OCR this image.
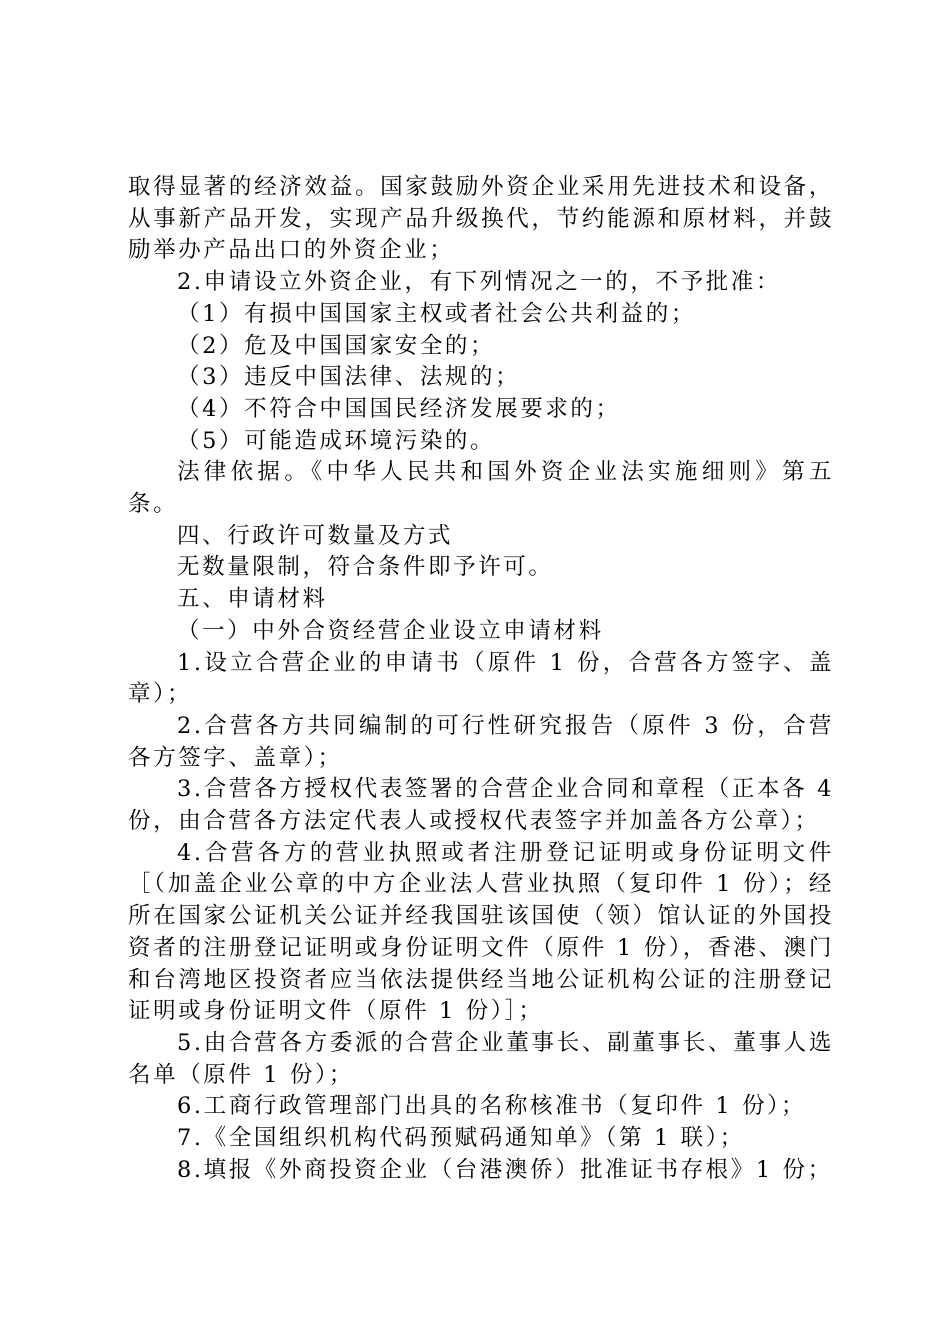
取得显著的经济效益。国家鼓励外资企业采用先进技术和设备，从事新产品开发，实现产品升级换代，节约能源和原材料，并鼓励举办产品出口的外资企业；

2.申请设立外资企业，有下列情况之一的，不予批准：

（1）有损中国国家主权或者社会公共利益的；

（2）危及中国国家安全的；

（3）违反中国法律、法规的；

（4）不符合中国国民经济发展要求的；

（5）可能造成环境污染的。

法律依据。《中华人民共和国外资企业法实施细则》第五条。

四、行政许可数量及方式

无数量限制，符合条件即予许可。

五、申请材料

（一）中外合资经营企业设立申请材料

1.设立合营企业的申请书（原件 1 份，合营各方签字、盖章）；

2.合营各方共同编制的可行性研究报告（原件 3 份，合营各方签字、盖章）；

3.合营各方授权代表签署的合营企业合同和章程（正本各 4 份，由合营各方法定代表人或授权代表签字并加盖各方公章）；

4.合营各方的营业执照或者注册登记证明或身份证明文件［（加盖企业公章的中方企业法人营业执照（复印件 1 份）；经所在国家公证机关公证并经我国驻该国使（领）馆认证的外国投资者的注册登记证明或身份证明文件（原件 1 份），香港、澳门和台湾地区投资者应当依法提供经当地公证机构公证的注册登记证明或身份证明文件（原件 1 份）］；

5.由合营各方委派的合营企业董事长、副董事长、董事人选名单（原件 1 份）；

6.工商行政管理部门出具的名称核准书（复印件 1 份）；

7.《全国组织机构代码预赋码通知单》（第 1 联）；

8.填报《外商投资企业（台港澳侨）批准证书存根》1 份；
